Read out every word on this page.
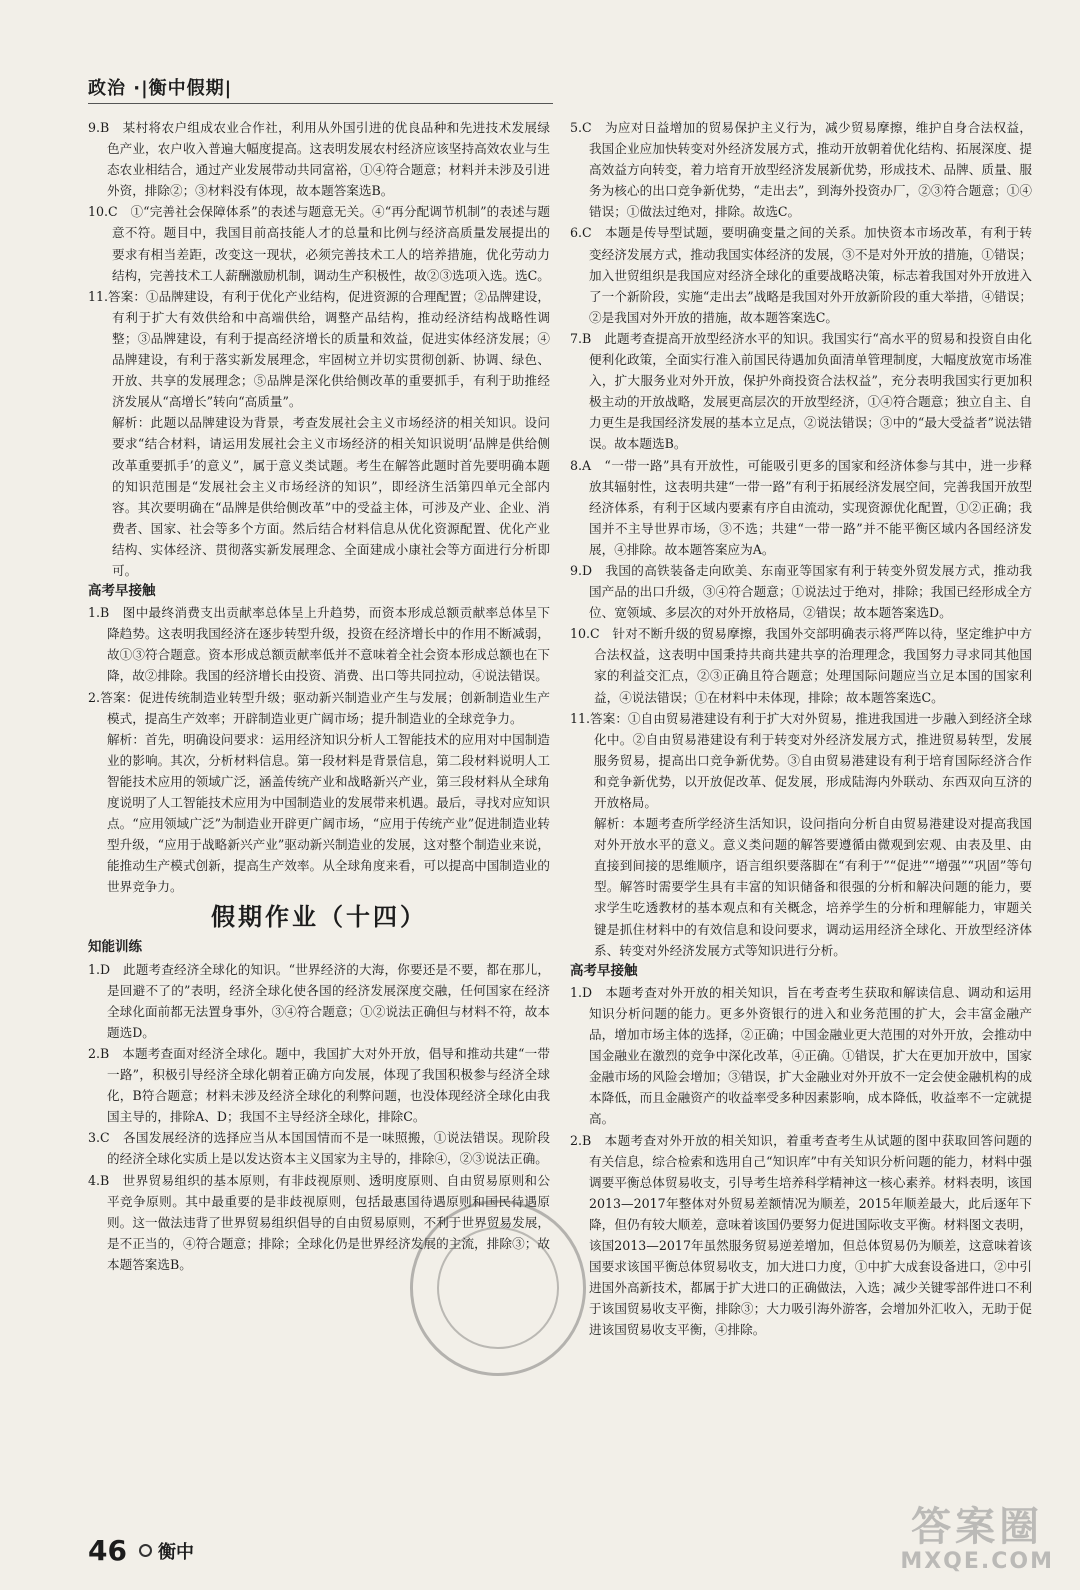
政治 ·|衡中假期|

9.B　某村将农户组成农业合作社，利用从外国引进的优良品种和先进技术发展绿色产业，农户收入普遍大幅度提高。这表明发展农村经济应该坚持高效农业与生态农业相结合，通过产业发展带动共同富裕，①④符合题意；材料并未涉及引进外资，排除②；③材料没有体现，故本题答案选B。

10.C　①“完善社会保障体系”的表述与题意无关。④“再分配调节机制”的表述与题意不符。题目中，我国目前高技能人才的总量和比例与经济高质量发展提出的要求有相当差距，改变这一现状，必须完善技术工人的培养措施，优化劳动力结构，完善技术工人薪酬激励机制，调动生产积极性，故②③选项入选。选C。

11.答案：①品牌建设，有利于优化产业结构，促进资源的合理配置；②品牌建设，有利于扩大有效供给和中高端供给，调整产品结构，推动经济结构战略性调整；③品牌建设，有利于提高经济增长的质量和效益，促进实体经济发展；④品牌建设，有利于落实新发展理念，牢固树立并切实贯彻创新、协调、绿色、开放、共享的发展理念；⑤品牌是深化供给侧改革的重要抓手，有利于助推经济发展从“高增长”转向“高质量”。

解析：此题以品牌建设为背景，考查发展社会主义市场经济的相关知识。设问要求“结合材料，请运用发展社会主义市场经济的相关知识说明‘品牌是供给侧改革重要抓手’的意义”，属于意义类试题。考生在解答此题时首先要明确本题的知识范围是“发展社会主义市场经济的知识”，即经济生活第四单元全部内容。其次要明确在“品牌是供给侧改革”中的受益主体，可涉及产业、企业、消费者、国家、社会等多个方面。然后结合材料信息从优化资源配置、优化产业结构、实体经济、贯彻落实新发展理念、全面建成小康社会等方面进行分析即可。

高考早接触

1.B　图中最终消费支出贡献率总体呈上升趋势，而资本形成总额贡献率总体呈下降趋势。这表明我国经济在逐步转型升级，投资在经济增长中的作用不断减弱，故①③符合题意。资本形成总额贡献率低并不意味着全社会资本形成总额也在下降，故②排除。我国的经济增长由投资、消费、出口等共同拉动，④说法错误。

2.答案：促进传统制造业转型升级；驱动新兴制造业产生与发展；创新制造业生产模式，提高生产效率；开辟制造业更广阔市场；提升制造业的全球竞争力。

解析：首先，明确设问要求：运用经济知识分析人工智能技术的应用对中国制造业的影响。其次，分析材料信息。第一段材料是背景信息，第二段材料说明人工智能技术应用的领域广泛，涵盖传统产业和战略新兴产业，第三段材料从全球角度说明了人工智能技术应用为中国制造业的发展带来机遇。最后，寻找对应知识点。“应用领域广泛”为制造业开辟更广阔市场，“应用于传统产业”促进制造业转型升级，“应用于战略新兴产业”驱动新兴制造业的发展，这对整个制造业来说，能推动生产模式创新，提高生产效率。从全球角度来看，可以提高中国制造业的世界竞争力。

假期作业（十四）

知能训练

1.D　此题考查经济全球化的知识。“世界经济的大海，你要还是不要，都在那儿，是回避不了的”表明，经济全球化使各国的经济发展深度交融，任何国家在经济全球化面前都无法置身事外，③④符合题意；①②说法正确但与材料不符，故本题选D。

2.B　本题考查面对经济全球化。题中，我国扩大对外开放，倡导和推动共建“一带一路”，积极引导经济全球化朝着正确方向发展，体现了我国积极参与经济全球化，B符合题意；材料未涉及经济全球化的利弊问题，也没体现经济全球化由我国主导的，排除A、D；我国不主导经济全球化，排除C。

3.C　各国发展经济的选择应当从本国国情而不是一味照搬，①说法错误。现阶段的经济全球化实质上是以发达资本主义国家为主导的，排除④，②③说法正确。

4.B　世界贸易组织的基本原则，有非歧视原则、透明度原则、自由贸易原则和公平竞争原则。其中最重要的是非歧视原则，包括最惠国待遇原则和国民待遇原则。这一做法违背了世界贸易组织倡导的自由贸易原则，不利于世界贸易发展，是不正当的，④符合题意；排除；全球化仍是世界经济发展的主流，排除③；故本题答案选B。

5.C　为应对日益增加的贸易保护主义行为，减少贸易摩擦，维护自身合法权益，我国企业应加快转变对外经济发展方式，推动开放朝着优化结构、拓展深度、提高效益方向转变，着力培育开放型经济发展新优势，形成技术、品牌、质量、服务为核心的出口竞争新优势，“走出去”，到海外投资办厂，②③符合题意；①④错误；①做法过绝对，排除。故选C。

6.C　本题是传导型试题，要明确变量之间的关系。加快资本市场改革，有利于转变经济发展方式，推动我国实体经济的发展，③不是对外开放的措施，①错误；加入世贸组织是我国应对经济全球化的重要战略决策，标志着我国对外开放进入了一个新阶段，实施“走出去”战略是我国对外开放新阶段的重大举措，④错误；②是我国对外开放的措施，故本题答案选C。

7.B　此题考查提高开放型经济水平的知识。我国实行“高水平的贸易和投资自由化便利化政策，全面实行准入前国民待遇加负面清单管理制度，大幅度放宽市场准入，扩大服务业对外开放，保护外商投资合法权益”，充分表明我国实行更加积极主动的开放战略，发展更高层次的开放型经济，①④符合题意；独立自主、自力更生是我国经济发展的基本立足点，②说法错误；③中的“最大受益者”说法错误。故本题选B。

8.A　“一带一路”具有开放性，可能吸引更多的国家和经济体参与其中，进一步释放其辐射性，这表明共建“一带一路”有利于拓展经济发展空间，完善我国开放型经济体系，有利于区域内要素有序自由流动，实现资源优化配置，①②正确；我国并不主导世界市场，③不选；共建“一带一路”并不能平衡区域内各国经济发展，④排除。故本题答案应为A。

9.D　我国的高铁装备走向欧美、东南亚等国家有利于转变外贸发展方式，推动我国产品的出口升级，③④符合题意；①说法过于绝对，排除；我国已经形成全方位、宽领域、多层次的对外开放格局，②错误；故本题答案选D。

10.C　针对不断升级的贸易摩擦，我国外交部明确表示将严阵以待，坚定维护中方合法权益，这表明中国秉持共商共建共享的治理理念，我国努力寻求同其他国家的利益交汇点，②③正确且符合题意；处理国际问题应当立足本国的国家利益，④说法错误；①在材料中未体现，排除；故本题答案选C。

11.答案：①自由贸易港建设有利于扩大对外贸易，推进我国进一步融入到经济全球化中。②自由贸易港建设有利于转变对外经济发展方式，推进贸易转型，发展服务贸易，提高出口竞争新优势。③自由贸易港建设有利于培育国际经济合作和竞争新优势，以开放促改革、促发展，形成陆海内外联动、东西双向互济的开放格局。

解析：本题考查所学经济生活知识，设问指向分析自由贸易港建设对提高我国对外开放水平的意义。意义类问题的解答要遵循由微观到宏观、由表及里、由直接到间接的思维顺序，语言组织要落脚在“有利于”“促进”“增强”“巩固”等句型。解答时需要学生具有丰富的知识储备和很强的分析和解决问题的能力，要求学生吃透教材的基本观点和有关概念，培养学生的分析和理解能力，审题关键是抓住材料中的有效信息和设问要求，调动运用经济全球化、开放型经济体系、转变对外经济发展方式等知识进行分析。

高考早接触

1.D　本题考查对外开放的相关知识，旨在考查考生获取和解读信息、调动和运用知识分析问题的能力。更多外资银行的进入和业务范围的扩大，会丰富金融产品，增加市场主体的选择，②正确；中国金融业更大范围的对外开放，会推动中国金融业在激烈的竞争中深化改革，④正确。①错误，扩大在更加开放中，国家金融市场的风险会增加；③错误，扩大金融业对外开放不一定会使金融机构的成本降低，而且金融资产的收益率受多种因素影响，成本降低，收益率不一定就提高。

2.B　本题考查对外开放的相关知识，着重考查考生从试题的图中获取回答问题的有关信息，综合检索和选用自己“知识库”中有关知识分析问题的能力，材料中强调要平衡总体贸易收支，引导考生培养科学精神这一核心素养。材料表明，该国2013—2017年整体对外贸易差额情况为顺差，2015年顺差最大，此后逐年下降，但仍有较大顺差，意味着该国仍要努力促进国际收支平衡。材料图文表明，该国2013—2017年虽然服务贸易逆差增加，但总体贸易仍为顺差，这意味着该国要求该国平衡总体贸易收支，加大进口力度，①中扩大成套设备进口，②中引进国外高新技术，都属于扩大进口的正确做法，入选；减少关键零部件进口不利于该国贸易收支平衡，排除③；大力吸引海外游客，会增加外汇收入，无助于促进该国贸易收支平衡，④排除。

46 衡中
答案圈
MXQE.COM
